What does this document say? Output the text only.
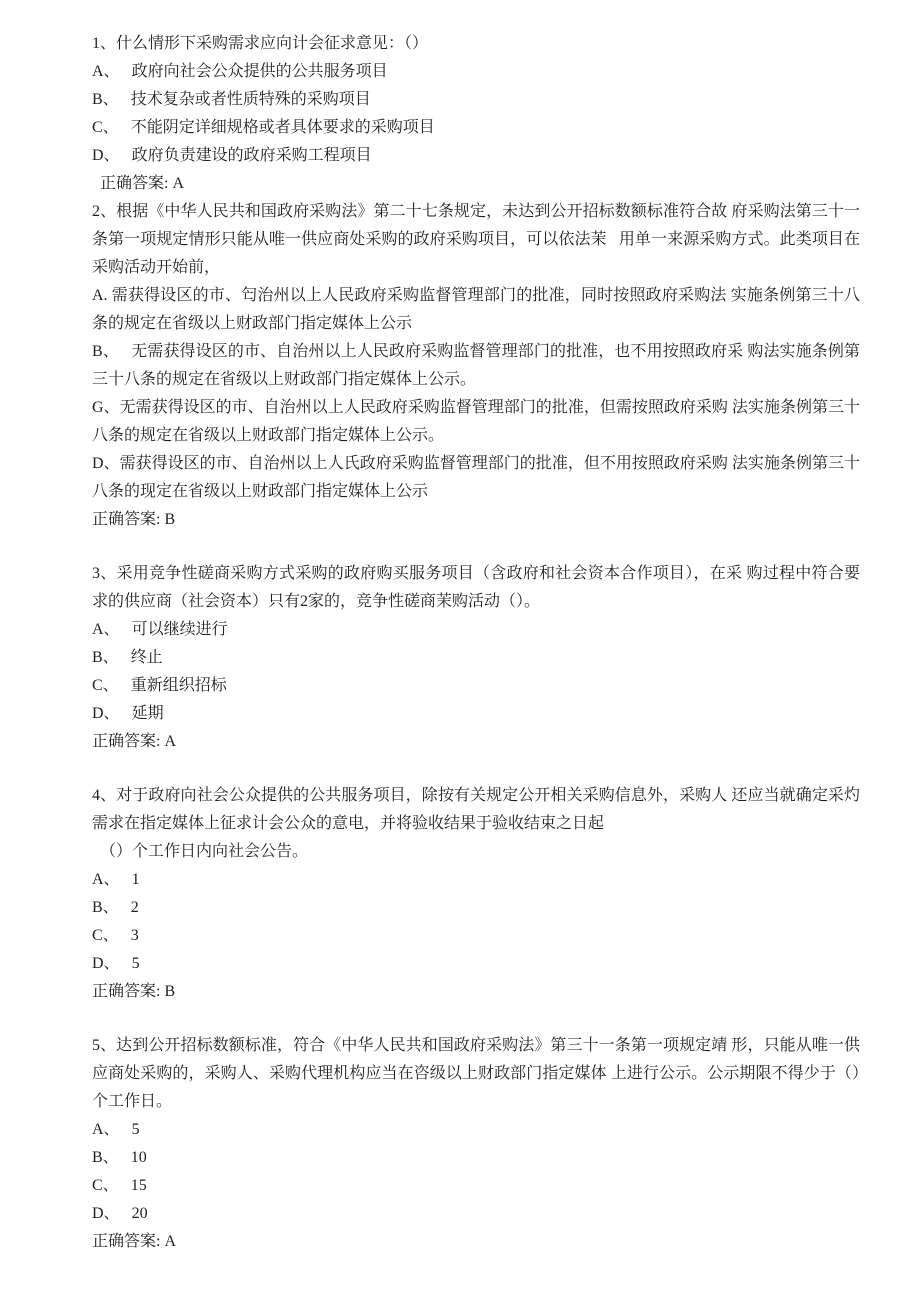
1、什么情形下采购需求应向计会征求意见：（）

A、   政府向社会公众提供的公共服务项目

B、   技术复杂或者性质特殊的采购项目

C、   不能阴定详细规格或者具体要求的采购项目

D、   政府负责建设的政府采购工程项目

正确答案: A

2、根据《中华人民共和国政府采购法》第二十七条规定，未达到公开招标数额标准符合故 府采购法第三十一条第一项规定情形只能从唯一供应商处采购的政府采购项目，可以依法茉   用单一来源采购方式。此类项目在采购活动开始前，

A. 需获得设区的市、匄治州以上人民政府采购监督管理部门的批准，同时按照政府采购法 实施条例第三十八条的规定在省级以上财政部门指定媒体上公示

B、   无需获得设区的市、自治州以上人民政府采购监督管理部门的批准，也不用按照政府采 购法实施条例第三十八条的规定在省级以上财政部门指定媒体上公示。

G、无需获得设区的市、自治州以上人民政府采购监督管理部门的批准，但需按照政府采购 法实施条例第三十八条的规定在省级以上财政部门指定媒体上公示。

D、需获得设区的市、自治州以上人氏政府采购监督管理部门的批准，但不用按照政府采购 法实施条例第三十八条的现定在省级以上财政部门指定媒体上公示

正确答案: B

3、采用竞争性磋商采购方式采购的政府购买服务项目（含政府和社会资本合作项目），在采 购过程中符合要求的供应商（社会资本）只有2家的，竞争性磋商茉购活动（）。

A、   可以继续进行

B、   终止

C、   重新组织招标

D、   延期

正确答案: A

4、对于政府向社会公众提供的公共服务项目，除按有关规定公开相关采购信息外，采购人 还应当就确定采灼需求在指定媒体上征求计会公众的意电，并将验收结果于验收结束之日起

（）个工作日内向社会公告。

A、   1

B、   2

C、   3

D、   5

正确答案: B

5、达到公开招标数额标准，符合《中华人民共和国政府采购法》第三十一条第一项规定靖 形，只能从唯一供应商处采购的，采购人、采购代理机构应当在咨级以上财政部门指定媒体 上进行公示。公示期限不得少于（）个工作日。

A、   5

B、   10

C、   15

D、   20

正确答案: A
